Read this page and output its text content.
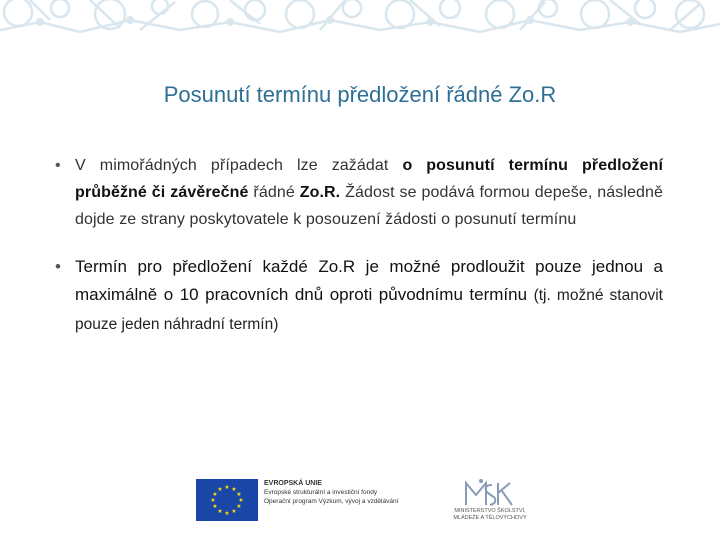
Posunutí termínu předložení řádné Zo.R
• V mimořádných případech lze zažádat o posunutí termínu předložení průběžné či závěrečné řádné Zo.R. Žádost se podává formou depeše, následně dojde ze strany poskytovatele k posouzení žádosti o posunutí termínu
• Termín pro předložení každé Zo.R je možné prodloužit pouze jednou a maximálně o 10 pracovních dnů oproti původnímu termínu (tj. možné stanovit pouze jeden náhradní termín)
★ ★
★
★
★
★
★
★
★
★
★
★
EVROPSKÁ UNIE
Evropské strukturální a investiční fondy
Operační program Výzkum, vývoj a vzdělávání
MINISTERSTVO ŠKOLSTVÍ,
MLÁDEŽE A TĚLOVÝCHOVY
